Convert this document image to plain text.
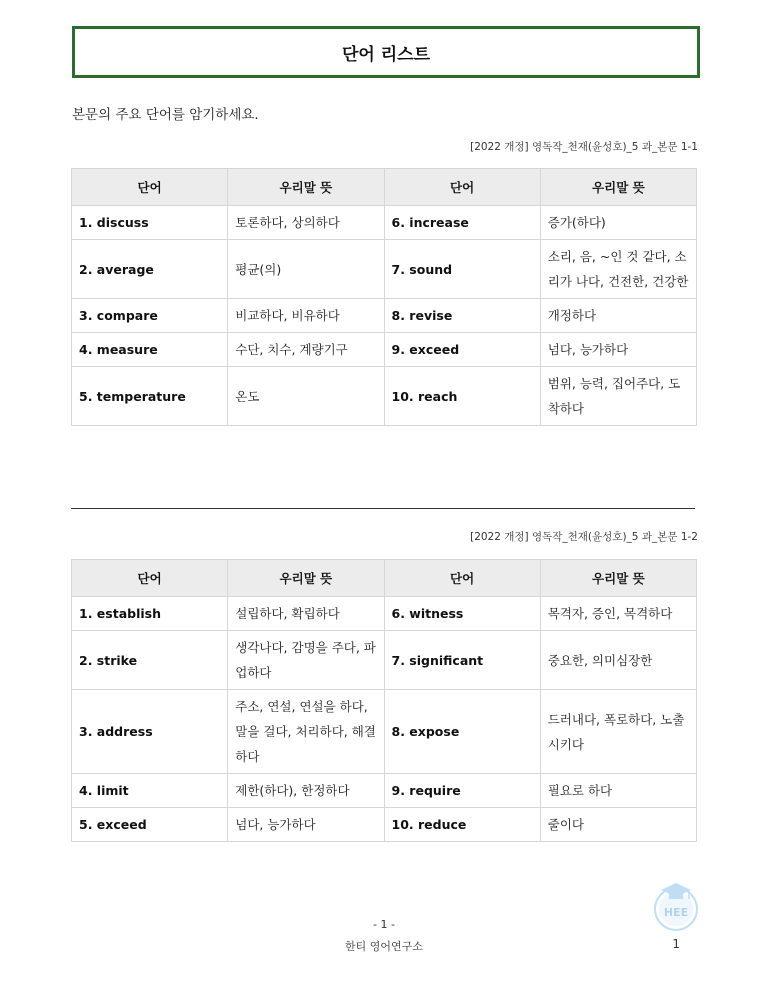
단어 리스트
본문의 주요 단어를 암기하세요.
[2022 개정] 영독작_천재(윤성호)_5 과_본문 1-1
단어	우리말 뜻	단어	우리말 뜻
1. discuss	토론하다, 상의하다	6. increase	증가(하다)
2. average	평균(의)	7. sound	소리, 음, ~인 것 같다, 소리가 나다, 건전한, 건강한
3. compare	비교하다, 비유하다	8. revise	개정하다
4. measure	수단, 치수, 계량기구	9. exceed	넘다, 능가하다
5. temperature	온도	10. reach	범위, 능력, 집어주다, 도착하다
[2022 개정] 영독작_천재(윤성호)_5 과_본문 1-2
단어	우리말 뜻	단어	우리말 뜻
1. establish	설립하다, 확립하다	6. witness	목격자, 증인, 목격하다
2. strike	생각나다, 감명을 주다, 파업하다	7. significant	중요한, 의미심장한
3. address	주소, 연설, 연설을 하다, 말을 걸다, 처리하다, 해결하다	8. expose	드러내다, 폭로하다, 노출시키다
4. limit	제한(하다), 한정하다	9. require	필요로 하다
5. exceed	넘다, 능가하다	10. reduce	줄이다
HEE
- 1 -
한티 영어연구소	1
